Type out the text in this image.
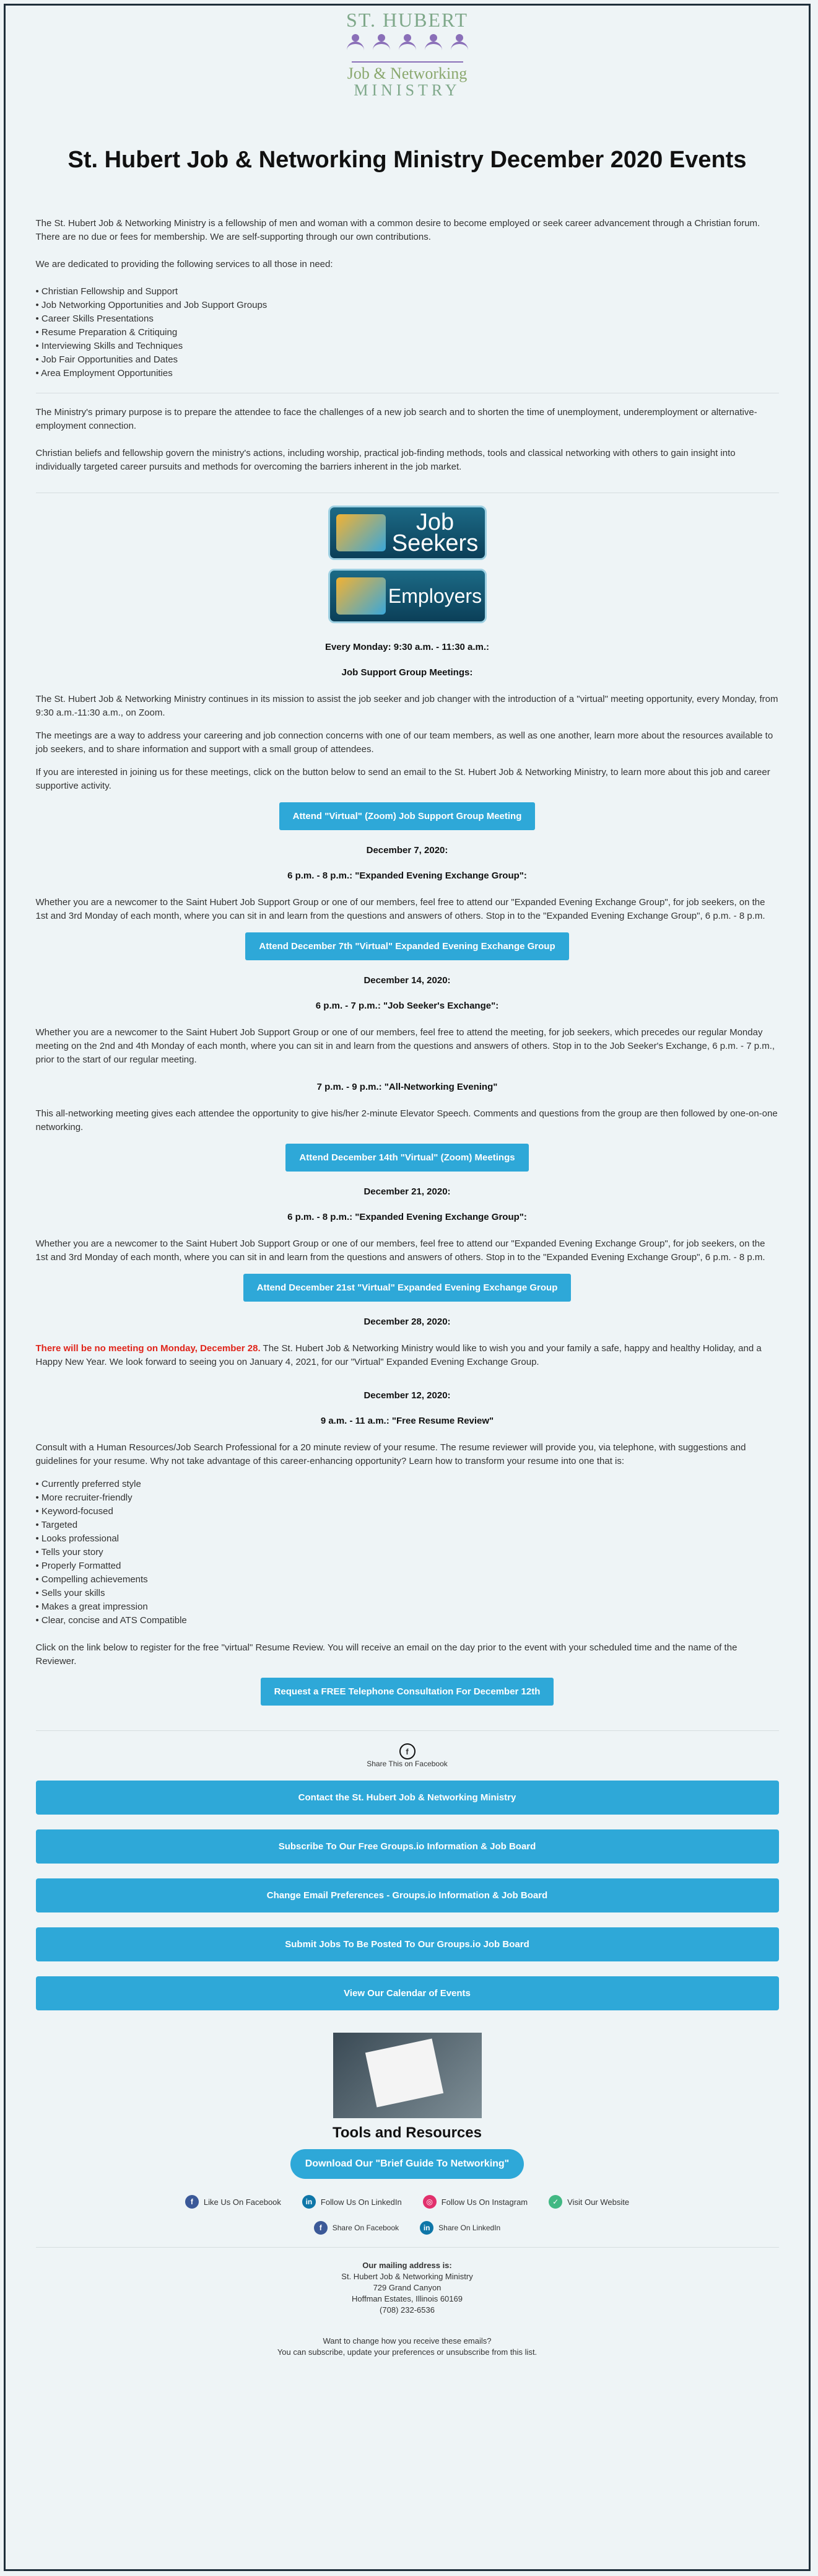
ST. HUBERT
Job & Networking
MINISTRY
St. Hubert Job & Networking Ministry December 2020 Events

The St. Hubert Job & Networking Ministry is a fellowship of men and woman with a common desire to become employed or seek career advancement through a Christian forum. There are no due or fees for membership. We are self-supporting through our own contributions.

We are dedicated to providing the following services to all those in need:

• Christian Fellowship and Support
• Job Networking Opportunities and Job Support Groups
• Career Skills Presentations
• Resume Preparation & Critiquing
• Interviewing Skills and Techniques
• Job Fair Opportunities and Dates
• Area Employment Opportunities

The Ministry's primary purpose is to prepare the attendee to face the challenges of a new job search and to shorten the time of unemployment, underemployment or alternative-employment connection.

Christian beliefs and fellowship govern the ministry's actions, including worship, practical job-finding methods, tools and classical networking with others to gain insight into individually targeted career pursuits and methods for overcoming the barriers inherent in the job market.

Job Seekers
Employers
Every Monday: 9:30 a.m. - 11:30 a.m.:
Job Support Group Meetings:

The St. Hubert Job & Networking Ministry continues in its mission to assist the job seeker and job changer with the introduction of a "virtual" meeting opportunity, every Monday, from 9:30 a.m.-11:30 a.m., on Zoom.

The meetings are a way to address your careering and job connection concerns with one of our team members, as well as one another, learn more about the resources available to job seekers, and to share information and support with a small group of attendees.

If you are interested in joining us for these meetings, click on the button below to send an email to the St. Hubert Job & Networking Ministry, to learn more about this job and career supportive activity.

Attend "Virtual" (Zoom) Job Support Group Meeting
December 7, 2020:
6 p.m. - 8 p.m.: "Expanded Evening Exchange Group":

Whether you are a newcomer to the Saint Hubert Job Support Group or one of our members, feel free to attend our "Expanded Evening Exchange Group", for job seekers, on the 1st and 3rd Monday of each month, where you can sit in and learn from the questions and answers of others. Stop in to the "Expanded Evening Exchange Group", 6 p.m. - 8 p.m.

Attend December 7th "Virtual" Expanded Evening Exchange Group
December 14, 2020:
6 p.m. - 7 p.m.: "Job Seeker's Exchange":

Whether you are a newcomer to the Saint Hubert Job Support Group or one of our members, feel free to attend the meeting, for job seekers, which precedes our regular Monday meeting on the 2nd and 4th Monday of each month, where you can sit in and learn from the questions and answers of others. Stop in to the Job Seeker's Exchange, 6 p.m. - 7 p.m., prior to the start of our regular meeting.

7 p.m. - 9 p.m.: "All-Networking Evening"

This all-networking meeting gives each attendee the opportunity to give his/her 2-minute Elevator Speech. Comments and questions from the group are then followed by one-on-one networking.

Attend December 14th "Virtual" (Zoom) Meetings
December 21, 2020:
6 p.m. - 8 p.m.: "Expanded Evening Exchange Group":

Whether you are a newcomer to the Saint Hubert Job Support Group or one of our members, feel free to attend our "Expanded Evening Exchange Group", for job seekers, on the 1st and 3rd Monday of each month, where you can sit in and learn from the questions and answers of others. Stop in to the "Expanded Evening Exchange Group", 6 p.m. - 8 p.m.

Attend December 21st "Virtual" Expanded Evening Exchange Group
December 28, 2020:

There will be no meeting on Monday, December 28. The St. Hubert Job & Networking Ministry would like to wish you and your family a safe, happy and healthy Holiday, and a Happy New Year. We look forward to seeing you on January 4, 2021, for our "Virtual" Expanded Evening Exchange Group.

December 12, 2020:
9 a.m. - 11 a.m.: "Free Resume Review"

Consult with a Human Resources/Job Search Professional for a 20 minute review of your resume. The resume reviewer will provide you, via telephone, with suggestions and guidelines for your resume. Why not take advantage of this career-enhancing opportunity? Learn how to transform your resume into one that is:

• Currently preferred style
• More recruiter-friendly
• Keyword-focused
• Targeted
• Looks professional
• Tells your story
• Properly Formatted
• Compelling achievements
• Sells your skills
• Makes a great impression
• Clear, concise and ATS Compatible

Click on the link below to register for the free "virtual" Resume Review. You will receive an email on the day prior to the event with your scheduled time and the name of the Reviewer.

Request a FREE Telephone Consultation For December 12th
f
Share This on Facebook
Contact the St. Hubert Job & Networking Ministry
Subscribe To Our Free Groups.io Information & Job Board
Change Email Preferences - Groups.io Information & Job Board
Submit Jobs To Be Posted To Our Groups.io Job Board
View Our Calendar of Events
Tools and Resources
Download Our "Brief Guide To Networking"
f	Like Us On Facebook	in	Follow Us On LinkedIn	◎	Follow Us On Instagram	✓	Visit Our Website
f	Share On Facebook	in	Share On LinkedIn
Our mailing address is:
St. Hubert Job & Networking Ministry
729 Grand Canyon
Hoffman Estates, Illinois 60169
(708) 232-6536
Want to change how you receive these emails?
You can subscribe, update your preferences or unsubscribe from this list.
